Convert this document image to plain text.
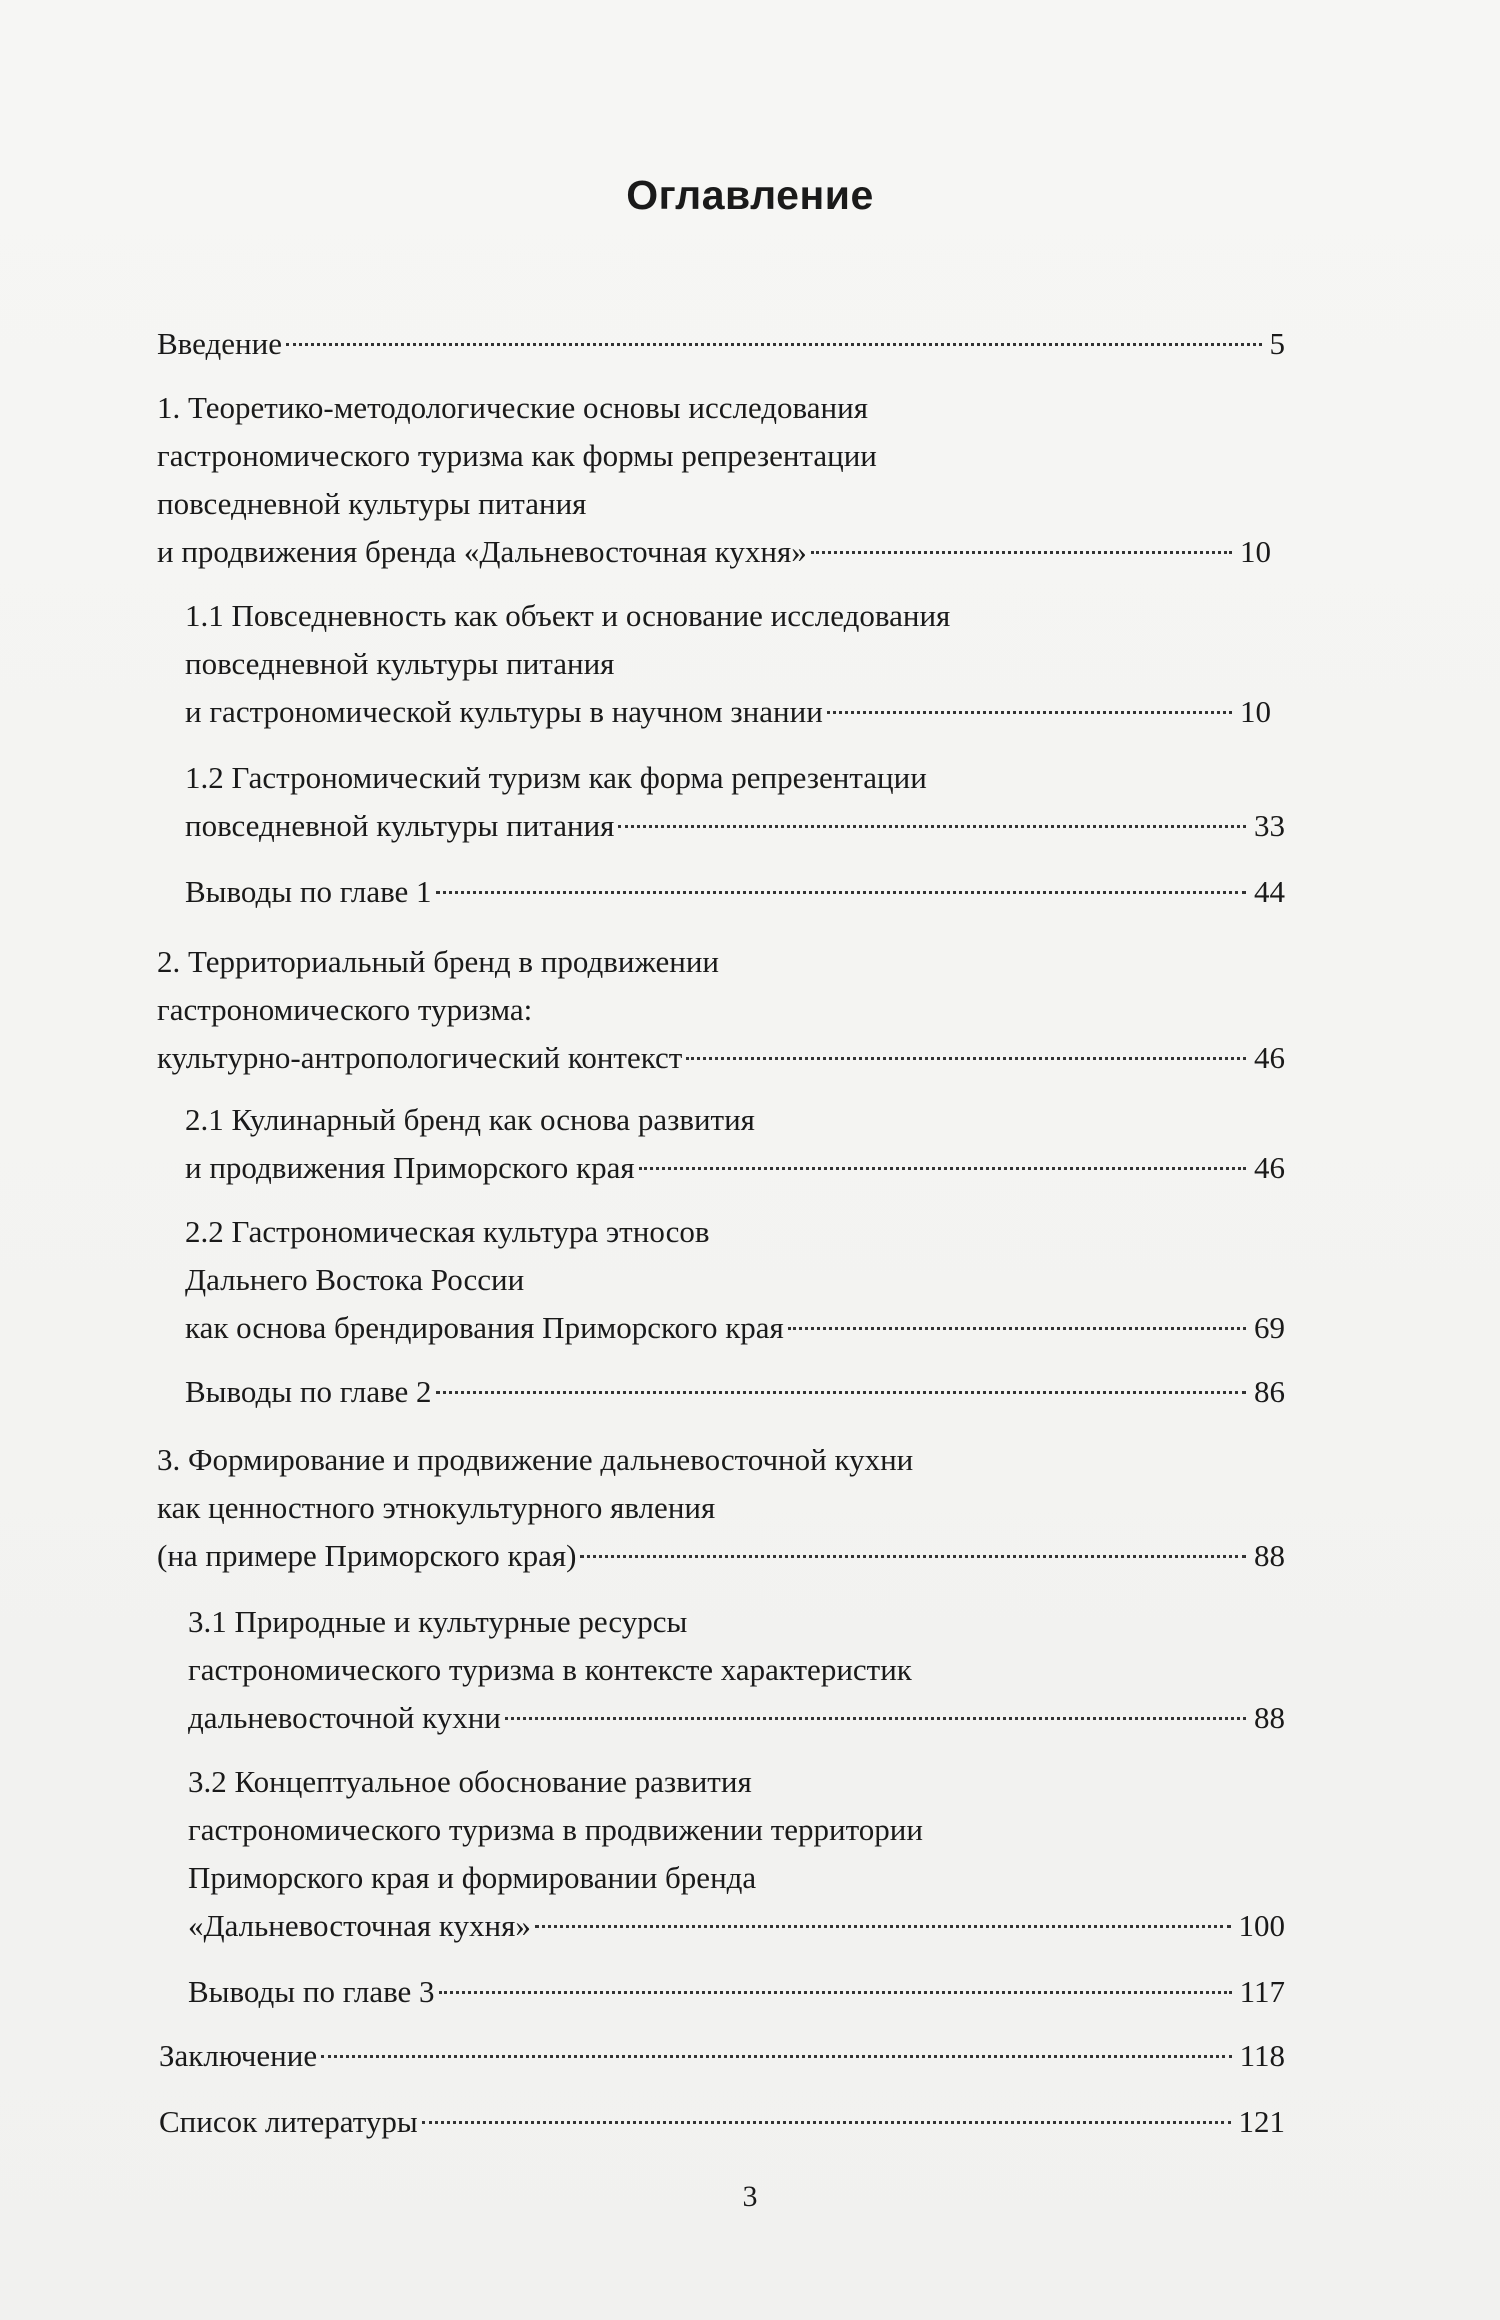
Оглавление
Введение	5
1. Теоретико-методологические основы исследования
гастрономического туризма как формы репрезентации
повседневной культуры питания
и продвижения бренда «Дальневосточная кухня»	10
1.1 Повседневность как объект и основание исследования
повседневной культуры питания
и гастрономической культуры в научном знании	10
1.2 Гастрономический туризм как форма репрезентации
повседневной культуры питания	33
Выводы по главе 1	44
2. Территориальный бренд в продвижении
гастрономического туризма:
культурно-антропологический контекст	46
2.1 Кулинарный бренд как основа развития
и продвижения Приморского края	46
2.2 Гастрономическая культура этносов
Дальнего Востока России
как основа брендирования Приморского края	69
Выводы по главе 2	86
3. Формирование и продвижение дальневосточной кухни
как ценностного этнокультурного явления
(на примере Приморского края)	88
3.1 Природные и культурные ресурсы
гастрономического туризма в контексте характеристик
дальневосточной кухни	88
3.2 Концептуальное обоснование развития
гастрономического туризма в продвижении территории
Приморского края и формировании бренда
«Дальневосточная кухня»	100
Выводы по главе 3	117
Заключение	118
Список литературы	121
3
